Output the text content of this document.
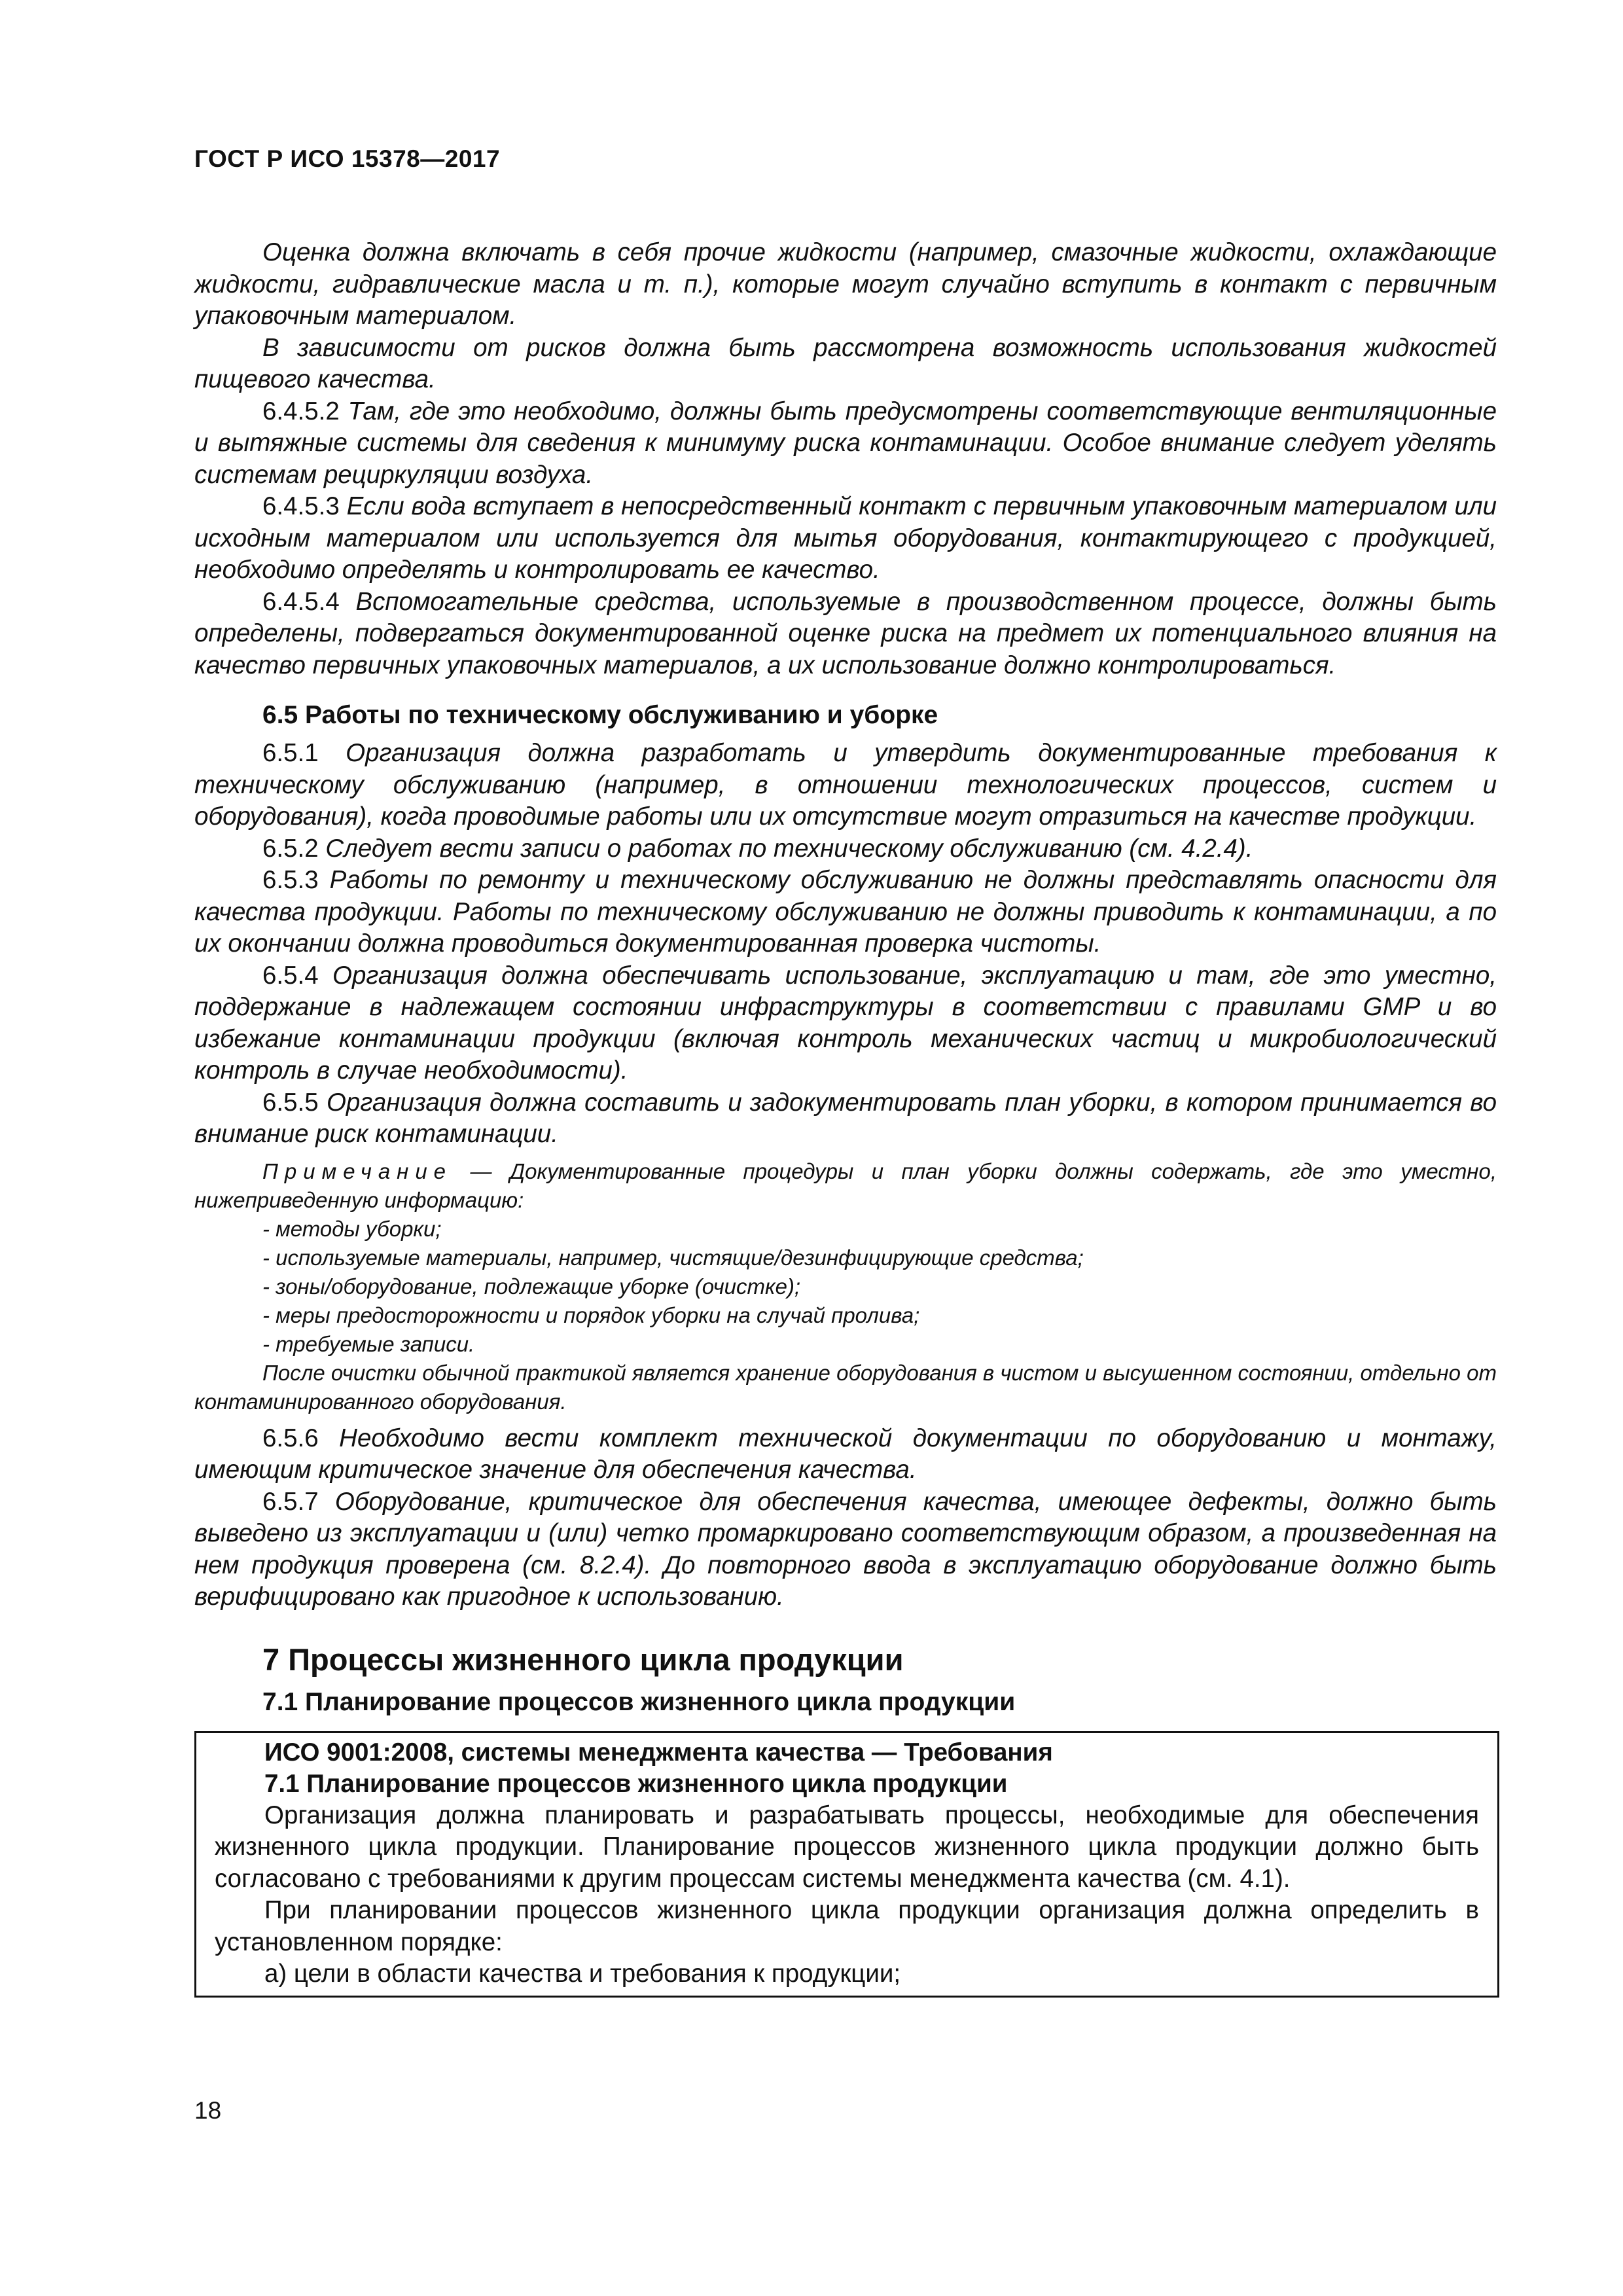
ГОСТ Р ИСО 15378—2017

Оценка должна включать в себя прочие жидкости (например, смазочные жидкости, охлаждающие жидкости, гидравлические масла и т. п.), которые могут случайно вступить в контакт с первичным упаковочным материалом.

В зависимости от рисков должна быть рассмотрена возможность использования жидкостей пищевого качества.

6.4.5.2 Там, где это необходимо, должны быть предусмотрены соответствующие вентиляционные и вытяжные системы для сведения к минимуму риска контаминации. Особое внимание следует уделять системам рециркуляции воздуха.

6.4.5.3 Если вода вступает в непосредственный контакт с первичным упаковочным материалом или исходным материалом или используется для мытья оборудования, контактирующего с продукцией, необходимо определять и контролировать ее качество.

6.4.5.4 Вспомогательные средства, используемые в производственном процессе, должны быть определены, подвергаться документированной оценке риска на предмет их потенциального влияния на качество первичных упаковочных материалов, а их использование должно контролироваться.

6.5 Работы по техническому обслуживанию и уборке

6.5.1 Организация должна разработать и утвердить документированные требования к техническому обслуживанию (например, в отношении технологических процессов, систем и оборудования), когда проводимые работы или их отсутствие могут отразиться на качестве продукции.

6.5.2 Следует вести записи о работах по техническому обслуживанию (см. 4.2.4).

6.5.3 Работы по ремонту и техническому обслуживанию не должны представлять опасности для качества продукции. Работы по техническому обслуживанию не должны приводить к контаминации, а по их окончании должна проводиться документированная проверка чистоты.

6.5.4 Организация должна обеспечивать использование, эксплуатацию и там, где это уместно, поддержание в надлежащем состоянии инфраструктуры в соответствии с правилами GMP и во избежание контаминации продукции (включая контроль механических частиц и микробиологический контроль в случае необходимости).

6.5.5 Организация должна составить и задокументировать план уборки, в котором принимается во внимание риск контаминации.

Примечание — Документированные процедуры и план уборки должны содержать, где это уместно, нижеприведенную информацию:

- методы уборки;
- используемые материалы, например, чистящие/дезинфицирующие средства;
- зоны/оборудование, подлежащие уборке (очистке);
- меры предосторожности и порядок уборки на случай пролива;
- требуемые записи.

После очистки обычной практикой является хранение оборудования в чистом и высушенном состоянии, отдельно от контаминированного оборудования.

6.5.6 Необходимо вести комплект технической документации по оборудованию и монтажу, имеющим критическое значение для обеспечения качества.

6.5.7 Оборудование, критическое для обеспечения качества, имеющее дефекты, должно быть выведено из эксплуатации и (или) четко промаркировано соответствующим образом, а произведенная на нем продукция проверена (см. 8.2.4). До повторного ввода в эксплуатацию оборудование должно быть верифицировано как пригодное к использованию.

7 Процессы жизненного цикла продукции
7.1 Планирование процессов жизненного цикла продукции
ИСО 9001:2008, системы менеджмента качества — Требования
7.1 Планирование процессов жизненного цикла продукции

Организация должна планировать и разрабатывать процессы, необходимые для обеспечения жизненного цикла продукции. Планирование процессов жизненного цикла продукции должно быть согласовано с требованиями к другим процессам системы менеджмента качества (см. 4.1).

При планировании процессов жизненного цикла продукции организация должна определить в установленном порядке:

а) цели в области качества и требования к продукции;

18
